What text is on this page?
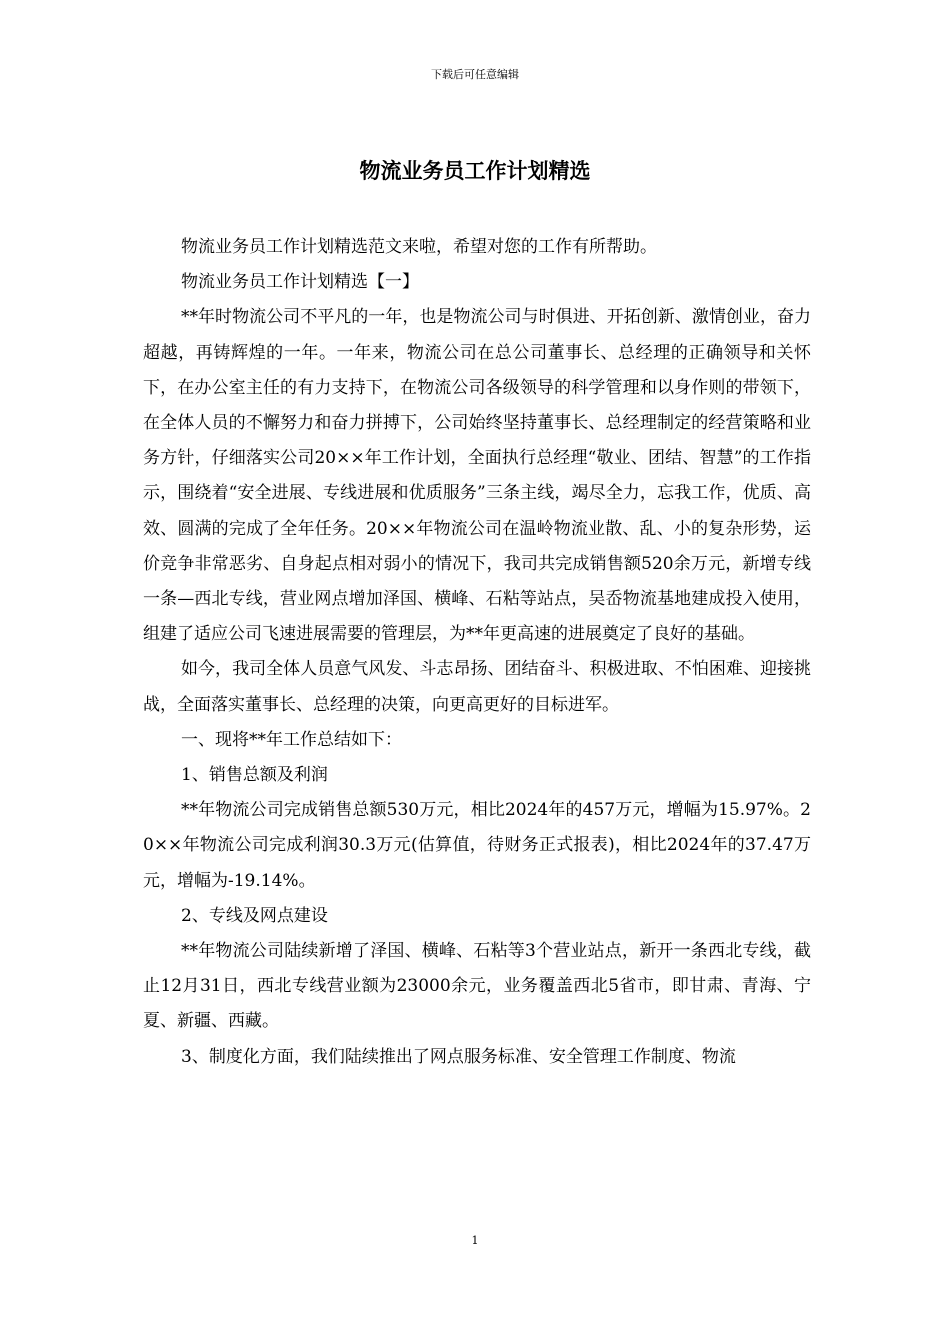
下载后可任意编辑
物流业务员工作计划精选

物流业务员工作计划精选范文来啦，希望对您的工作有所帮助。

物流业务员工作计划精选【一】

**年时物流公司不平凡的一年，也是物流公司与时俱进、开拓创新、激情创业，奋力超越，再铸辉煌的一年。一年来，物流公司在总公司董事长、总经理的正确领导和关怀下，在办公室主任的有力支持下，在物流公司各级领导的科学管理和以身作则的带领下，在全体人员的不懈努力和奋力拼搏下，公司始终坚持董事长、总经理制定的经营策略和业务方针，仔细落实公司20××年工作计划，全面执行总经理“敬业、团结、智慧”的工作指示，围绕着“安全进展、专线进展和优质服务”三条主线，竭尽全力，忘我工作，优质、高效、圆满的完成了全年任务。20××年物流公司在温岭物流业散、乱、小的复杂形势，运价竞争非常恶劣、自身起点相对弱小的情况下，我司共完成销售额520余万元，新增专线一条—西北专线，营业网点增加泽国、横峰、石粘等站点，吴岙物流基地建成投入使用，组建了适应公司飞速进展需要的管理层，为**年更高速的进展奠定了良好的基础。

如今，我司全体人员意气风发、斗志昂扬、团结奋斗、积极进取、不怕困难、迎接挑战，全面落实董事长、总经理的决策，向更高更好的目标进军。

一、现将**年工作总结如下：

1、销售总额及利润

**年物流公司完成销售总额530万元，相比2024年的457万元，增幅为15.97%。20××年物流公司完成利润30.3万元(估算值，待财务正式报表)，相比2024年的37.47万元，增幅为-19.14%。

2、专线及网点建设

**年物流公司陆续新增了泽国、横峰、石粘等3个营业站点，新开一条西北专线，截止12月31日，西北专线营业额为23000余元，业务覆盖西北5省市，即甘肃、青海、宁夏、新疆、西藏。

3、制度化方面，我们陆续推出了网点服务标准、安全管理工作制度、物流

1
